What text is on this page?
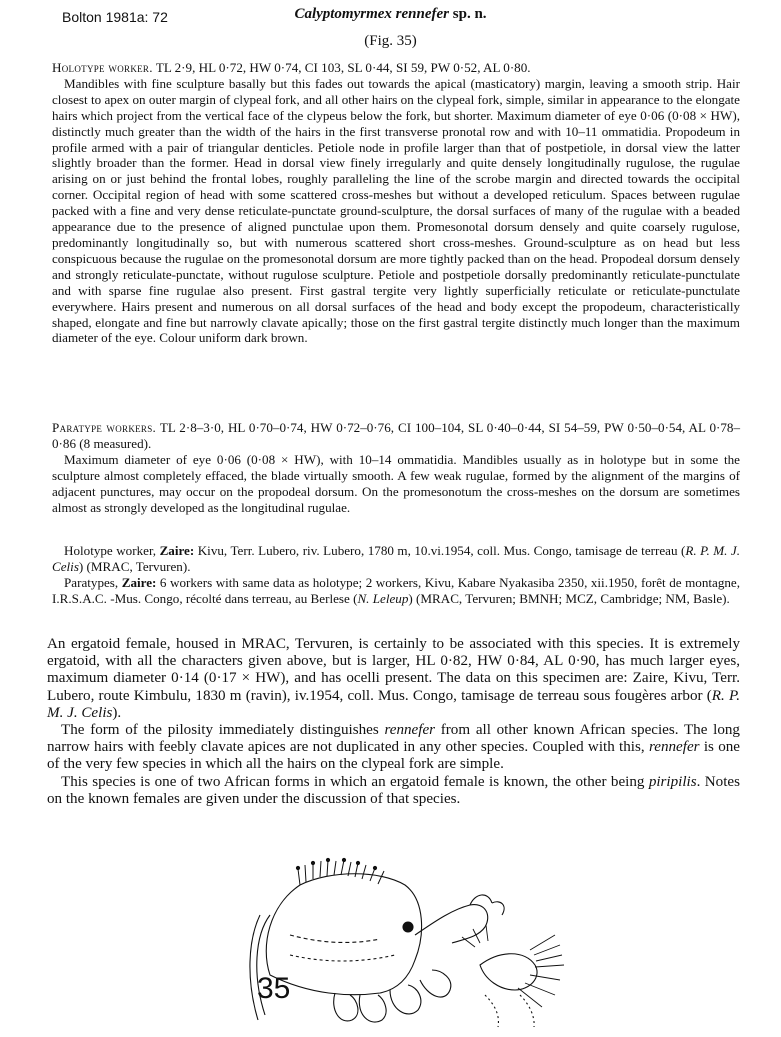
Bolton 1981a: 72	Calyptomyrmex rennefer sp. n.
(Fig. 35)

Holotype worker. TL 2·9, HL 0·72, HW 0·74, CI 103, SL 0·44, SI 59, PW 0·52, AL 0·80.

Mandibles with fine sculpture basally but this fades out towards the apical (masticatory) margin, leaving a smooth strip. Hair closest to apex on outer margin of clypeal fork, and all other hairs on the clypeal fork, simple, similar in appearance to the elongate hairs which project from the vertical face of the clypeus below the fork, but shorter. Maximum diameter of eye 0·06 (0·08 × HW), distinctly much greater than the width of the hairs in the first transverse pronotal row and with 10–11 ommatidia. Propodeum in profile armed with a pair of triangular denticles. Petiole node in profile larger than that of postpetiole, in dorsal view the latter slightly broader than the former. Head in dorsal view finely irregularly and quite densely longitudinally rugulose, the rugulae arising on or just behind the frontal lobes, roughly paralleling the line of the scrobe margin and directed towards the occipital corner. Occipital region of head with some scattered cross-meshes but without a developed reticulum. Spaces between rugulae packed with a fine and very dense reticulate-punctate ground-sculpture, the dorsal surfaces of many of the rugulae with a beaded appearance due to the presence of aligned punctulae upon them. Promesonotal dorsum densely and quite coarsely rugulose, predominantly longitudinally so, but with numerous scattered short cross-meshes. Ground-sculpture as on head but less conspicuous because the rugulae on the promesonotal dorsum are more tightly packed than on the head. Propodeal dorsum densely and strongly reticulate-punctate, without rugulose sculpture. Petiole and postpetiole dorsally predominantly reticulate-punctulate and with sparse fine rugulae also present. First gastral tergite very lightly superficially reticulate or reticulate-punctulate everywhere. Hairs present and numerous on all dorsal surfaces of the head and body except the propodeum, characteristically shaped, elongate and fine but narrowly clavate apically; those on the first gastral tergite distinctly much longer than the maximum diameter of the eye. Colour uniform dark brown.

Paratype workers. TL 2·8–3·0, HL 0·70–0·74, HW 0·72–0·76, CI 100–104, SL 0·40–0·44, SI 54–59, PW 0·50–0·54, AL 0·78–0·86 (8 measured).

Maximum diameter of eye 0·06 (0·08 × HW), with 10–14 ommatidia. Mandibles usually as in holotype but in some the sculpture almost completely effaced, the blade virtually smooth. A few weak rugulae, formed by the alignment of the margins of adjacent punctures, may occur on the propodeal dorsum. On the promesonotum the cross-meshes on the dorsum are sometimes almost as strongly developed as the longitudinal rugulae.

Holotype worker, Zaire: Kivu, Terr. Lubero, riv. Lubero, 1780 m, 10.vi.1954, coll. Mus. Congo, tamisage de terreau (R. P. M. J. Celis) (MRAC, Tervuren).

Paratypes, Zaire: 6 workers with same data as holotype; 2 workers, Kivu, Kabare Nyakasiba 2350, xii.1950, forêt de montagne, I.R.S.A.C. -Mus. Congo, récolté dans terreau, au Berlese (N. Leleup) (MRAC, Tervuren; BMNH; MCZ, Cambridge; NM, Basle).

An ergatoid female, housed in MRAC, Tervuren, is certainly to be associated with this species. It is extremely ergatoid, with all the characters given above, but is larger, HL 0·82, HW 0·84, AL 0·90, has much larger eyes, maximum diameter 0·14 (0·17 × HW), and has ocelli present. The data on this specimen are: Zaire, Kivu, Terr. Lubero, route Kimbulu, 1830 m (ravin), iv.1954, coll. Mus. Congo, tamisage de terreau sous fougères arbor (R. P. M. J. Celis).

The form of the pilosity immediately distinguishes rennefer from all other known African species. The long narrow hairs with feebly clavate apices are not duplicated in any other species. Coupled with this, rennefer is one of the very few species in which all the hairs on the clypeal fork are simple.

This species is one of two African forms in which an ergatoid female is known, the other being piripilis. Notes on the known females are given under the discussion of that species.

35
